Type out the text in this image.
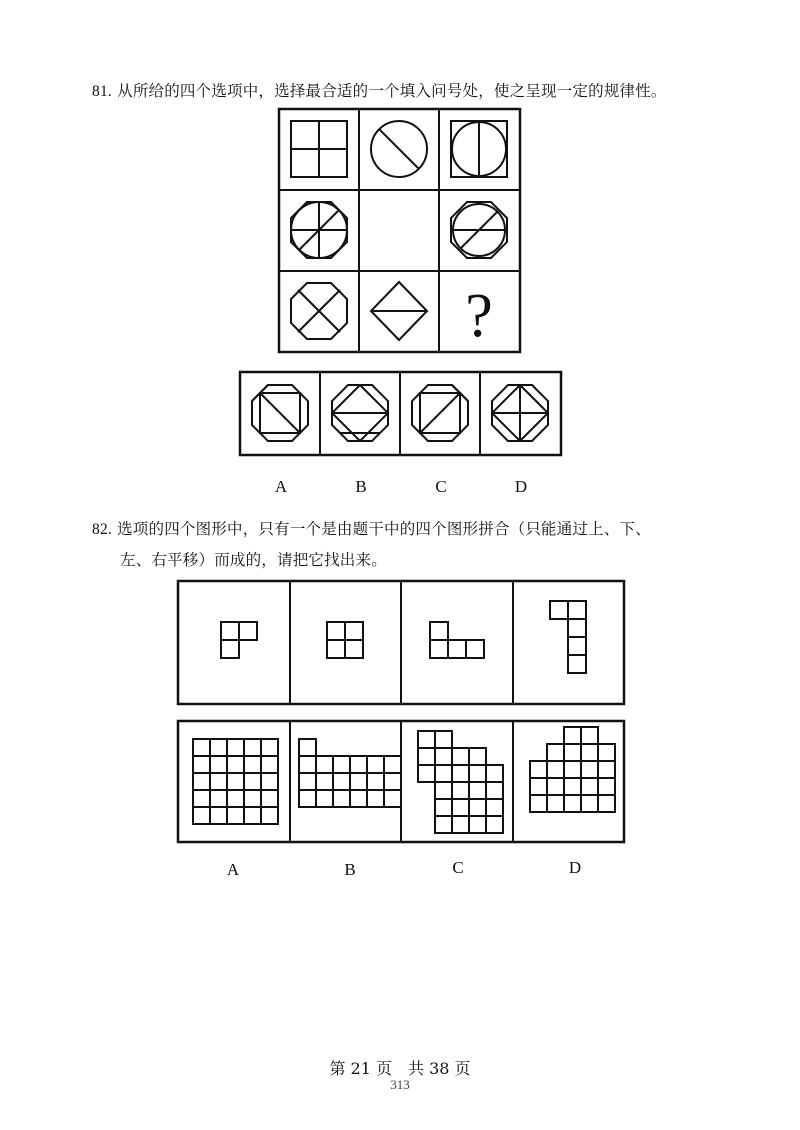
81. 从所给的四个选项中，选择最合适的一个填入问号处，使之呈现一定的规律性。
?
A	B	C	D
82. 选项的四个图形中，只有一个是由题干中的四个图形拼合（只能通过上、下、
左、右平移）而成的，请把它找出来。
A	B	C	D
第 21 页　共 38 页
313
